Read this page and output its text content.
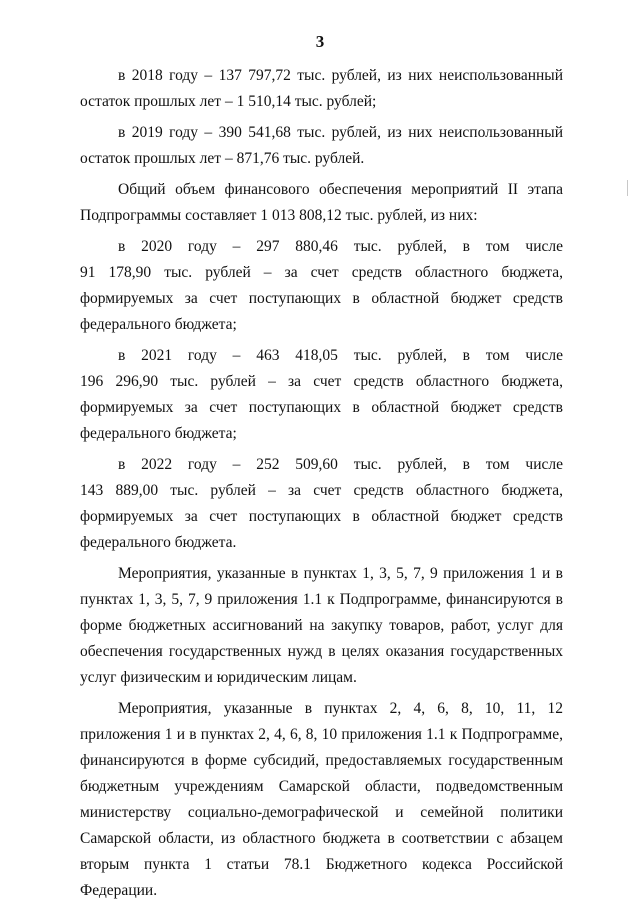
3

в 2018 году – 137 797,72 тыс. рублей, из них неиспользованный остаток прошлых лет – 1 510,14 тыс. рублей;

в 2019 году – 390 541,68 тыс. рублей, из них неиспользованный остаток прошлых лет – 871,76 тыс. рублей.

Общий объем финансового обеспечения мероприятий II этапа Подпрограммы составляет 1 013 808,12 тыс. рублей, из них:

в 2020 году – 297 880,46 тыс. рублей, в том числе
91 178,90 тыс. рублей – за счет средств областного бюджета, формируемых за счет поступающих в областной бюджет средств федерального бюджета;

в 2021 году – 463 418,05 тыс. рублей, в том числе
196 296,90 тыс. рублей – за счет средств областного бюджета, формируемых за счет поступающих в областной бюджет средств федерального бюджета;

в 2022 году – 252 509,60 тыс. рублей, в том числе
143 889,00 тыс. рублей – за счет средств областного бюджета, формируемых за счет поступающих в областной бюджет средств федерального бюджета.

Мероприятия, указанные в пунктах 1, 3, 5, 7, 9 приложения 1 и в пунктах 1, 3, 5, 7, 9 приложения 1.1 к Подпрограмме, финансируются в форме бюджетных ассигнований на закупку товаров, работ, услуг для обеспечения государственных нужд в целях оказания государственных услуг физическим и юридическим лицам.

Мероприятия, указанные в пунктах 2, 4, 6, 8, 10, 11, 12 приложения 1 и в пунктах 2, 4, 6, 8, 10 приложения 1.1 к Подпрограмме, финансируются в форме субсидий, предоставляемых государственным бюджетным учреждениям Самарской области, подведомственным министерству социально-демографической и семейной политики Самарской области, из областного бюджета в соответствии с абзацем вторым пункта 1 статьи 78.1 Бюджетного кодекса Российской Федерации.
